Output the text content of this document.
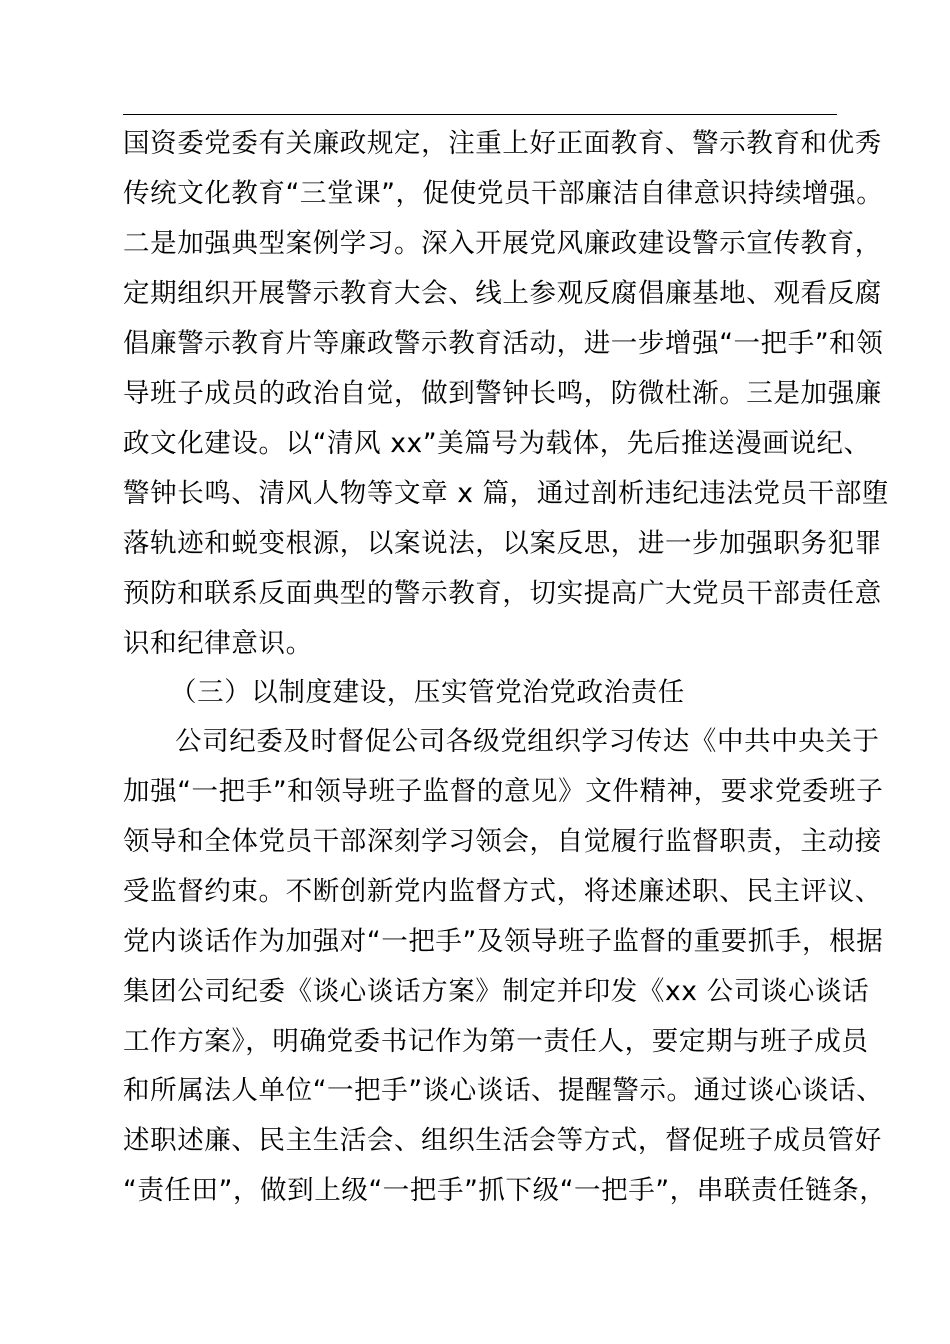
国资委党委有关廉政规定，注重上好正面教育、警示教育和优秀
传统文化教育“三堂课”，促使党员干部廉洁自律意识持续增强。
二是加强典型案例学习。深入开展党风廉政建设警示宣传教育，
定期组织开展警示教育大会、线上参观反腐倡廉基地、观看反腐
倡廉警示教育片等廉政警示教育活动，进一步增强“一把手”和领
导班子成员的政治自觉，做到警钟长鸣，防微杜渐。三是加强廉
政文化建设。以“清风 xx”美篇号为载体，先后推送漫画说纪、
警钟长鸣、清风人物等文章 x 篇，通过剖析违纪违法党员干部堕
落轨迹和蜕变根源，以案说法，以案反思，进一步加强职务犯罪
预防和联系反面典型的警示教育，切实提高广大党员干部责任意
识和纪律意识。
（三）以制度建设，压实管党治党政治责任
公司纪委及时督促公司各级党组织学习传达《中共中央关于
加强“一把手”和领导班子监督的意见》文件精神，要求党委班子
领导和全体党员干部深刻学习领会，自觉履行监督职责，主动接
受监督约束。不断创新党内监督方式，将述廉述职、民主评议、
党内谈话作为加强对“一把手”及领导班子监督的重要抓手，根据
集团公司纪委《谈心谈话方案》制定并印发《xx 公司谈心谈话
工作方案》，明确党委书记作为第一责任人，要定期与班子成员
和所属法人单位“一把手”谈心谈话、提醒警示。通过谈心谈话、
述职述廉、民主生活会、组织生活会等方式，督促班子成员管好
“责任田”，做到上级“一把手”抓下级“一把手”，串联责任链条，
